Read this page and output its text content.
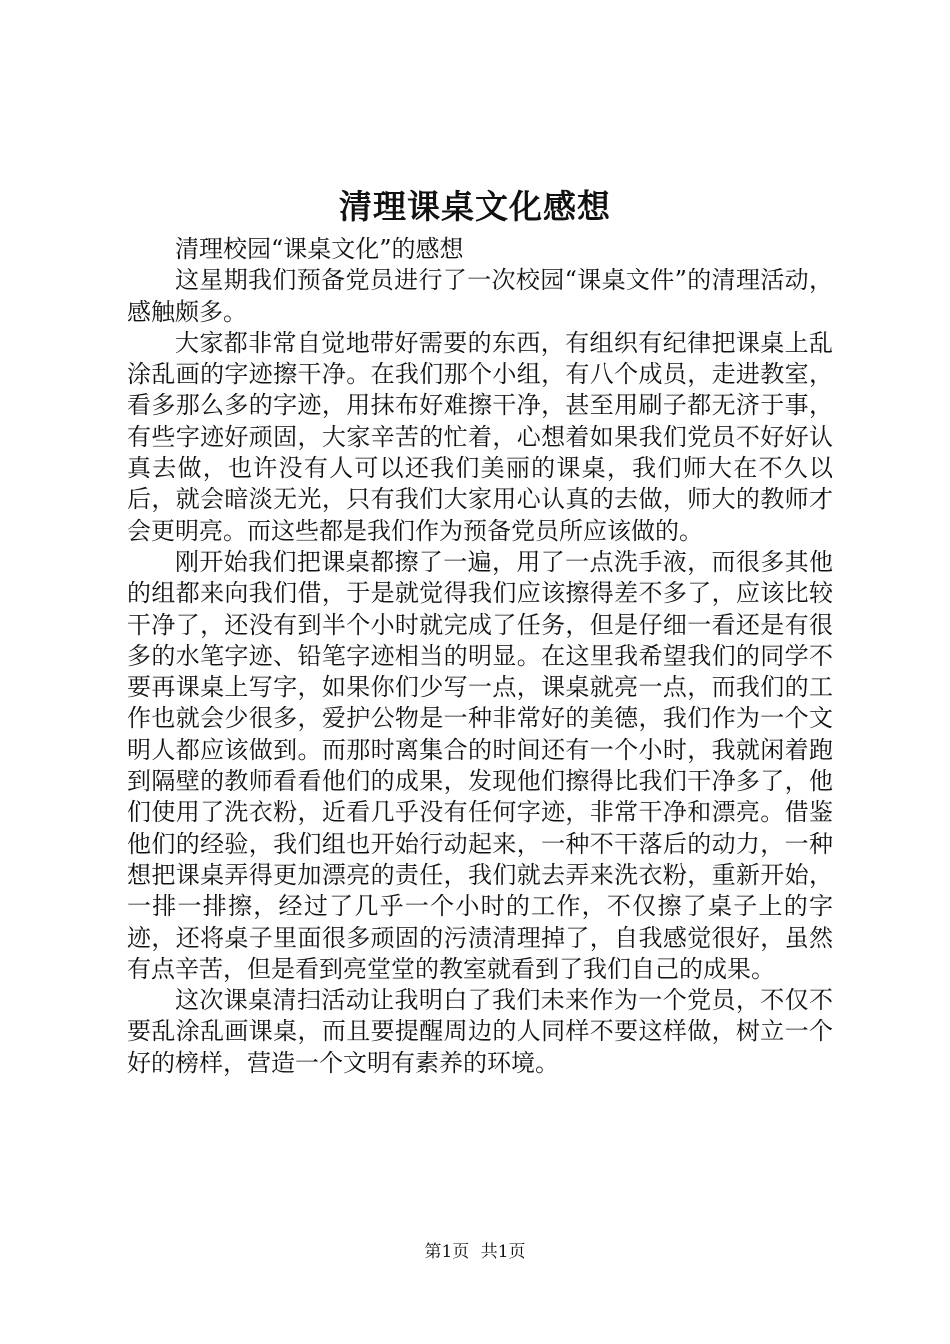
清理课桌文化感想

清理校园“课桌文化”的感想

这星期我们预备党员进行了一次校园“课桌文件”的清理活动，感触颇多。

大家都非常自觉地带好需要的东西，有组织有纪律把课桌上乱涂乱画的字迹擦干净。在我们那个小组，有八个成员，走进教室，看多那么多的字迹，用抹布好难擦干净，甚至用刷子都无济于事，有些字迹好顽固，大家辛苦的忙着，心想着如果我们党员不好好认真去做，也许没有人可以还我们美丽的课桌，我们师大在不久以后，就会暗淡无光，只有我们大家用心认真的去做，师大的教师才会更明亮。而这些都是我们作为预备党员所应该做的。

刚开始我们把课桌都擦了一遍，用了一点洗手液，而很多其他的组都来向我们借，于是就觉得我们应该擦得差不多了，应该比较干净了，还没有到半个小时就完成了任务，但是仔细一看还是有很多的水笔字迹、铅笔字迹相当的明显。在这里我希望我们的同学不要再课桌上写字，如果你们少写一点，课桌就亮一点，而我们的工作也就会少很多，爱护公物是一种非常好的美德，我们作为一个文明人都应该做到。而那时离集合的时间还有一个小时，我就闲着跑到隔壁的教师看看他们的成果，发现他们擦得比我们干净多了，他们使用了洗衣粉，近看几乎没有任何字迹，非常干净和漂亮。借鉴他们的经验，我们组也开始行动起来，一种不干落后的动力，一种想把课桌弄得更加漂亮的责任，我们就去弄来洗衣粉，重新开始，一排一排擦，经过了几乎一个小时的工作，不仅擦了桌子上的字迹，还将桌子里面很多顽固的污渍清理掉了，自我感觉很好，虽然有点辛苦，但是看到亮堂堂的教室就看到了我们自己的成果。

这次课桌清扫活动让我明白了我们未来作为一个党员，不仅不要乱涂乱画课桌，而且要提醒周边的人同样不要这样做，树立一个好的榜样，营造一个文明有素养的环境。

第1页 共1页
